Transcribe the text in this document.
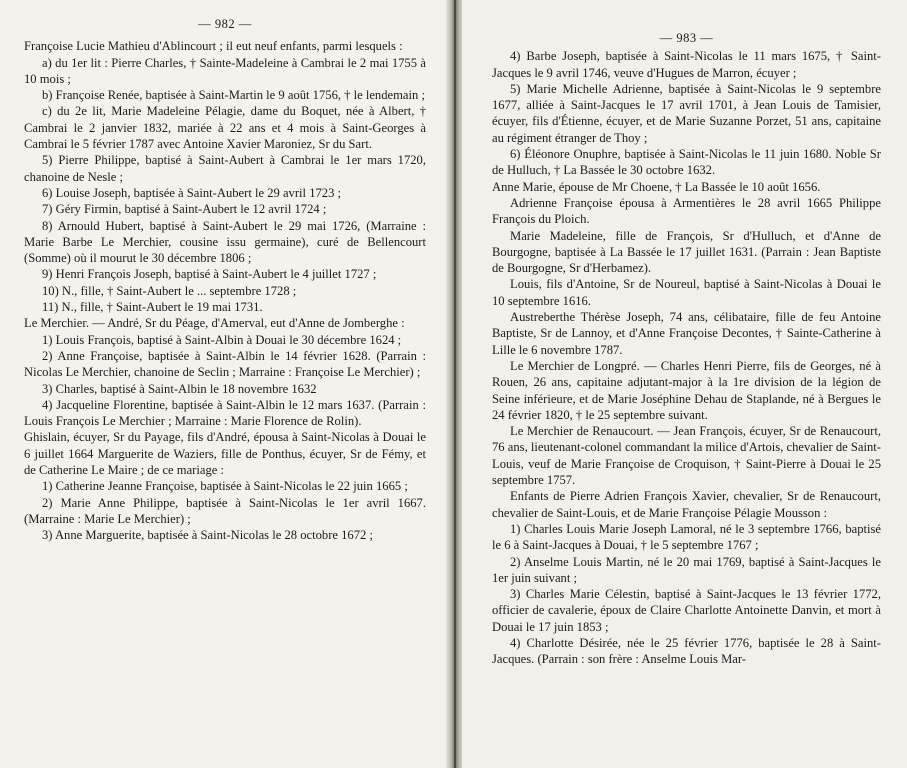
— 982 —

Françoise Lucie Mathieu d'Ablincourt ; il eut neuf enfants, parmi lesquels :

a) du 1er lit : Pierre Charles, † Sainte-Madeleine à Cambrai le 2 mai 1755 à 10 mois ;

b) Françoise Renée, baptisée à Saint-Martin le 9 août 1756, † le lendemain ;

c) du 2e lit, Marie Madeleine Pélagie, dame du Boquet, née à Albert, † Cambrai le 2 janvier 1832, mariée à 22 ans et 4 mois à Saint-Georges à Cambrai le 5 février 1787 avec Antoine Xavier Maroniez, Sr du Sart.

5) Pierre Philippe, baptisé à Saint-Aubert à Cambrai le 1er mars 1720, chanoine de Nesle ;

6) Louise Joseph, baptisée à Saint-Aubert le 29 avril 1723 ;

7) Géry Firmin, baptisé à Saint-Aubert le 12 avril 1724 ;

8) Arnould Hubert, baptisé à Saint-Aubert le 29 mai 1726, (Marraine : Marie Barbe Le Merchier, cousine issu germaine), curé de Bellencourt (Somme) où il mourut le 30 décembre 1806 ;

9) Henri François Joseph, baptisé à Saint-Aubert le 4 juillet 1727 ;

10) N., fille, † Saint-Aubert le ... septembre 1728 ;

11) N., fille, † Saint-Aubert le 19 mai 1731.

Le Merchier. — André, Sr du Péage, d'Amerval, eut d'Anne de Jomberghe :

1) Louis François, baptisé à Saint-Albin à Douai le 30 décembre 1624 ;

2) Anne Françoise, baptisée à Saint-Albin le 14 février 1628. (Parrain : Nicolas Le Merchier, chanoine de Seclin ; Marraine : Françoise Le Merchier) ;

3) Charles, baptisé à Saint-Albin le 18 novembre 1632

4) Jacqueline Florentine, baptisée à Saint-Albin le 12 mars 1637. (Parrain : Louis François Le Merchier ; Marraine : Marie Florence de Rolin).

Ghislain, écuyer, Sr du Payage, fils d'André, épousa à Saint-Nicolas à Douai le 6 juillet 1664 Marguerite de Waziers, fille de Ponthus, écuyer, Sr de Fémy, et de Catherine Le Maire ; de ce mariage :

1) Catherine Jeanne Françoise, baptisée à Saint-Nicolas le 22 juin 1665 ;

2) Marie Anne Philippe, baptisée à Saint-Nicolas le 1er avril 1667. (Marraine : Marie Le Merchier) ;

3) Anne Marguerite, baptisée à Saint-Nicolas le 28 octobre 1672 ;

— 983 —

4) Barbe Joseph, baptisée à Saint-Nicolas le 11 mars 1675, † Saint-Jacques le 9 avril 1746, veuve d'Hugues de Marron, écuyer ;

5) Marie Michelle Adrienne, baptisée à Saint-Nicolas le 9 septembre 1677, alliée à Saint-Jacques le 17 avril 1701, à Jean Louis de Tamisier, écuyer, fils d'Étienne, écuyer, et de Marie Suzanne Porzet, 51 ans, capitaine au régiment étranger de Thoy ;

6) Éléonore Onuphre, baptisée à Saint-Nicolas le 11 juin 1680. Noble Sr de Hulluch, † La Bassée le 30 octobre 1632.

Anne Marie, épouse de Mr Choene, † La Bassée le 10 août 1656.

Adrienne Françoise épousa à Armentières le 28 avril 1665 Philippe François du Ploich.

Marie Madeleine, fille de François, Sr d'Hulluch, et d'Anne de Bourgogne, baptisée à La Bassée le 17 juillet 1631. (Parrain : Jean Baptiste de Bourgogne, Sr d'Herbamez).

Louis, fils d'Antoine, Sr de Noureul, baptisé à Saint-Nicolas à Douai le 10 septembre 1616.

Austreberthe Thérèse Joseph, 74 ans, célibataire, fille de feu Antoine Baptiste, Sr de Lannoy, et d'Anne Françoise Decontes, † Sainte-Catherine à Lille le 6 novembre 1787.

Le Merchier de Longpré. — Charles Henri Pierre, fils de Georges, né à Rouen, 26 ans, capitaine adjutant-major à la 1re division de la légion de Seine inférieure, et de Marie Joséphine Dehau de Staplande, né à Bergues le 24 février 1820, † le 25 septembre suivant.

Le Merchier de Renaucourt. — Jean François, écuyer, Sr de Renaucourt, 76 ans, lieutenant-colonel commandant la milice d'Artois, chevalier de Saint-Louis, veuf de Marie Françoise de Croquison, † Saint-Pierre à Douai le 25 septembre 1757.

Enfants de Pierre Adrien François Xavier, chevalier, Sr de Renaucourt, chevalier de Saint-Louis, et de Marie Françoise Pélagie Mousson :

1) Charles Louis Marie Joseph Lamoral, né le 3 septembre 1766, baptisé le 6 à Saint-Jacques à Douai, † le 5 septembre 1767 ;

2) Anselme Louis Martin, né le 20 mai 1769, baptisé à Saint-Jacques le 1er juin suivant ;

3) Charles Marie Célestin, baptisé à Saint-Jacques le 13 février 1772, officier de cavalerie, époux de Claire Charlotte Antoinette Danvin, et mort à Douai le 17 juin 1853 ;

4) Charlotte Désirée, née le 25 février 1776, baptisée le 28 à Saint-Jacques. (Parrain : son frère : Anselme Louis Mar-
